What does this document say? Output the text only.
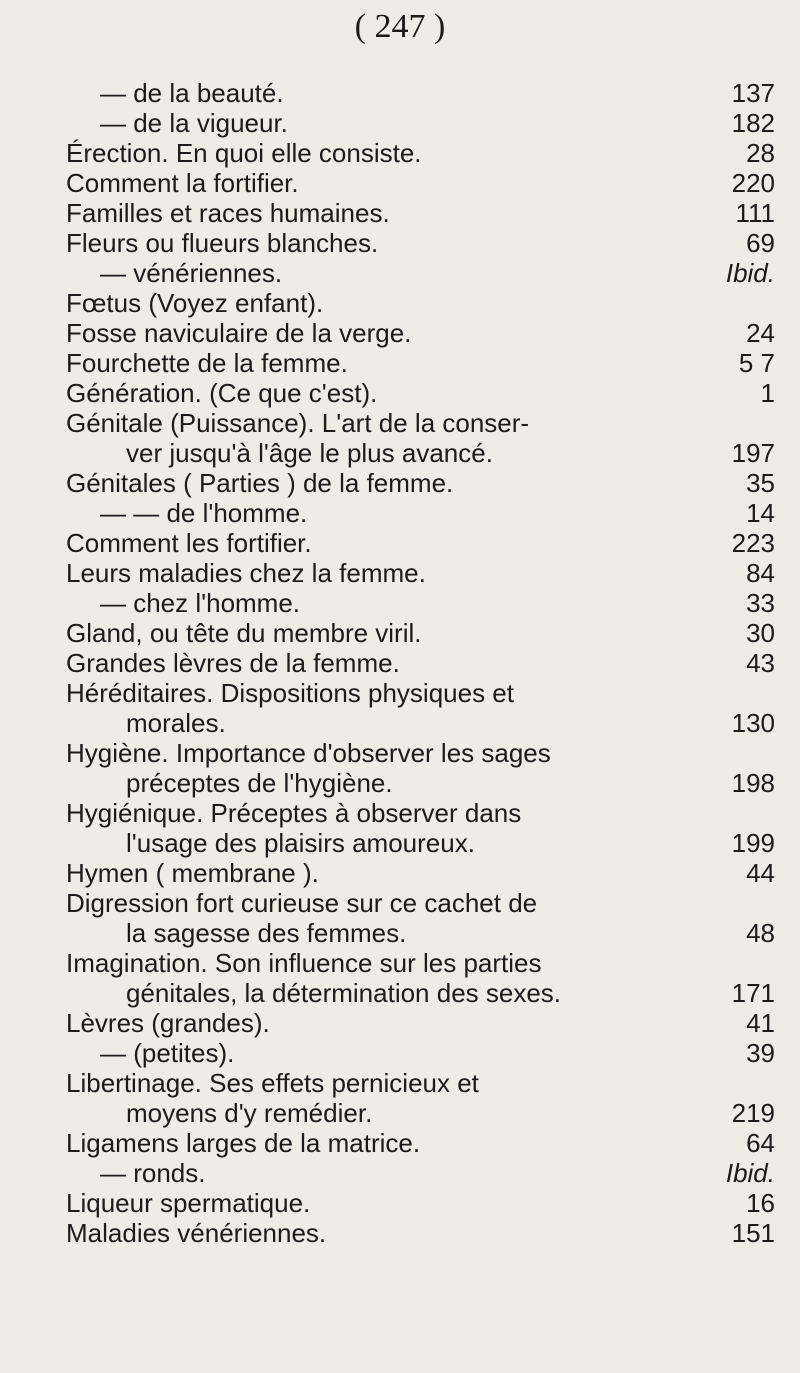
( 247 )
— de la beauté.	137
— de la vigueur.	182
Érection. En quoi elle consiste.	28
Comment la fortifier.	220
Familles et races humaines.	111
Fleurs ou flueurs blanches.	69
— vénériennes.	Ibid.
Fœtus (Voyez enfant).
Fosse naviculaire de la verge.	24
Fourchette de la femme.	5 7
Génération. (Ce que c'est).	1
Génitale (Puissance). L'art de la conser-
ver jusqu'à l'âge le plus avancé.	197
Génitales ( Parties ) de la femme.	35
— — de l'homme.	14
Comment les fortifier.	223
Leurs maladies chez la femme.	84
— chez l'homme.	33
Gland, ou tête du membre viril.	30
Grandes lèvres de la femme.	43
Héréditaires. Dispositions physiques et
morales.	130
Hygiène. Importance d'observer les sages
préceptes de l'hygiène.	198
Hygiénique. Préceptes à observer dans
l'usage des plaisirs amoureux.	199
Hymen ( membrane ).	44
Digression fort curieuse sur ce cachet de
la sagesse des femmes.	48
Imagination. Son influence sur les parties
génitales, la détermination des sexes.	171
Lèvres (grandes).	41
— (petites).	39
Libertinage. Ses effets pernicieux et
moyens d'y remédier.	219
Ligamens larges de la matrice.	64
— ronds.	Ibid.
Liqueur spermatique.	16
Maladies vénériennes.	151
